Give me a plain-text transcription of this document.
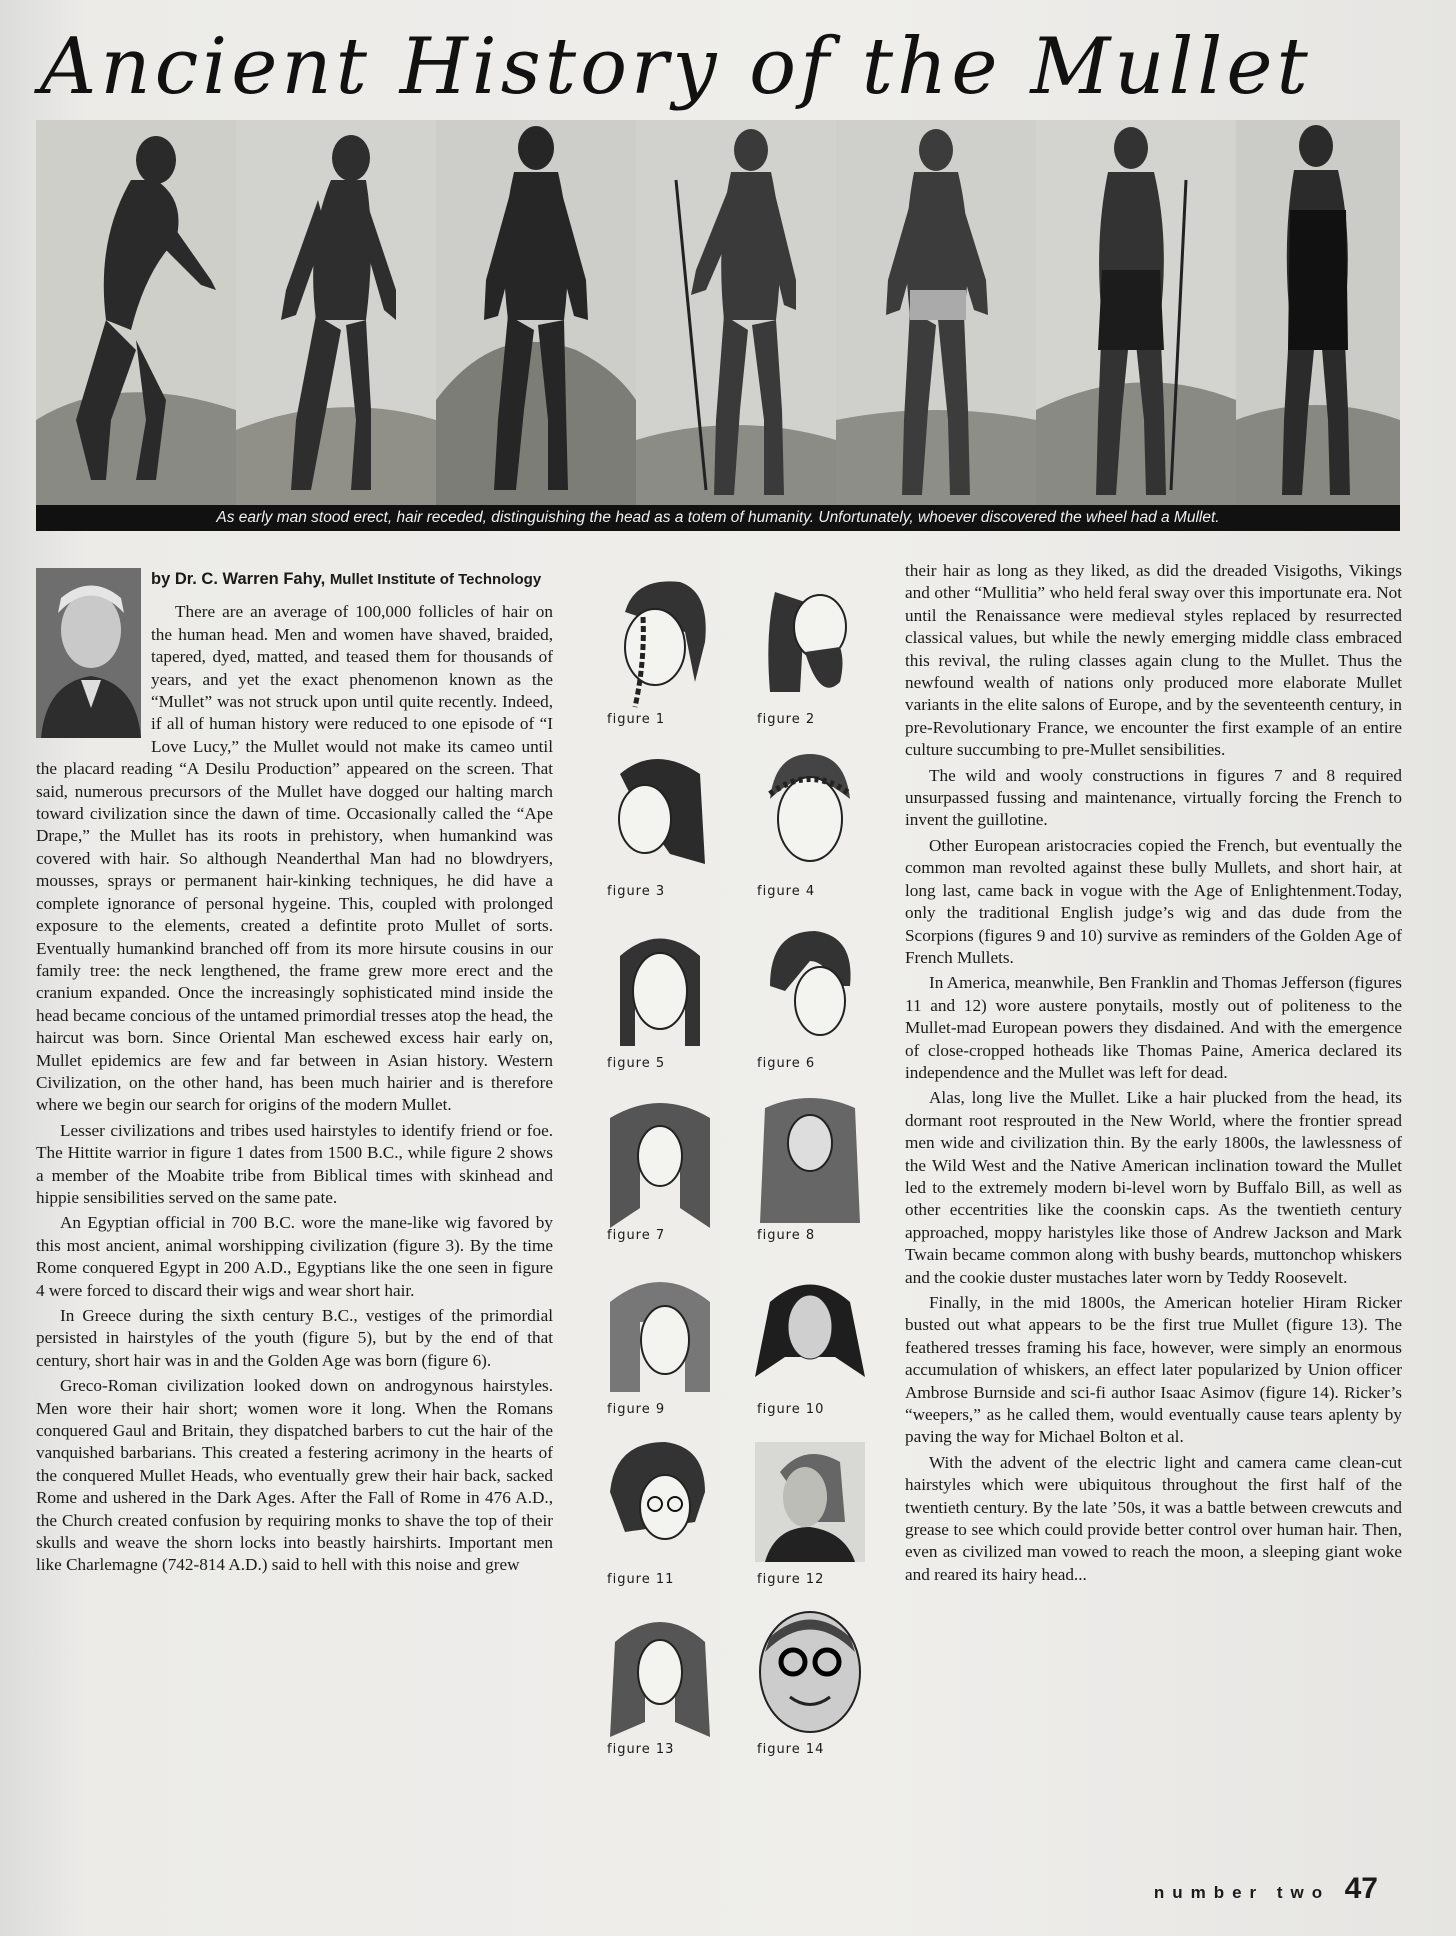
Ancient History of the Mullet
As early man stood erect, hair receded, distinguishing the head as a totem of humanity. Unfortunately, whoever discovered the wheel had a Mullet.
by Dr. C. Warren Fahy, Mullet Institute of Technology

There are an average of 100,000 follicles of hair on the human head. Men and women have shaved, braided, tapered, dyed, matted, and teased them for thousands of years, and yet the exact phenomenon known as the “Mullet” was not struck upon until quite recently. Indeed, if all of human history were reduced to one episode of “I Love Lucy,” the Mullet would not make its cameo until the placard reading “A Desilu Production” appeared on the screen. That said, numerous precursors of the Mullet have dogged our halting march toward civilization since the dawn of time. Occasionally called the “Ape Drape,” the Mullet has its roots in prehistory, when humankind was covered with hair. So although Neanderthal Man had no blowdryers, mousses, sprays or permanent hair-kinking techniques, he did have a complete ignorance of personal hygeine. This, coupled with prolonged exposure to the elements, created a defintite proto Mullet of sorts. Eventually humankind branched off from its more hirsute cousins in our family tree: the neck lengthened, the frame grew more erect and the cranium expanded. Once the increasingly sophisticated mind inside the head became concious of the untamed primordial tresses atop the head, the haircut was born. Since Oriental Man eschewed excess hair early on, Mullet epidemics are few and far between in Asian history. Western Civilization, on the other hand, has been much hairier and is therefore where we begin our search for origins of the modern Mullet.

Lesser civilizations and tribes used hairstyles to identify friend or foe. The Hittite warrior in figure 1 dates from 1500 B.C., while figure 2 shows a member of the Moabite tribe from Biblical times with skinhead and hippie sensibilities served on the same pate.

An Egyptian official in 700 B.C. wore the mane-like wig favored by this most ancient, animal worshipping civilization (figure 3). By the time Rome conquered Egypt in 200 A.D., Egyptians like the one seen in figure 4 were forced to discard their wigs and wear short hair.

In Greece during the sixth century B.C., vestiges of the primordial persisted in hairstyles of the youth (figure 5), but by the end of that century, short hair was in and the Golden Age was born (figure 6).

Greco-Roman civilization looked down on androgynous hairstyles. Men wore their hair short; women wore it long. When the Romans conquered Gaul and Britain, they dispatched barbers to cut the hair of the vanquished barbarians. This created a festering acrimony in the hearts of the conquered Mullet Heads, who eventually grew their hair back, sacked Rome and ushered in the Dark Ages. After the Fall of Rome in 476 A.D., the Church created confusion by requiring monks to shave the top of their skulls and weave the shorn locks into beastly hairshirts. Important men like Charlemagne (742-814 A.D.) said to hell with this noise and grew

figure 1	figure 2
figure 3	figure 4
figure 5	figure 6
figure 7	figure 8
figure 9	figure 10
figure 11	figure 12
figure 13	figure 14

their hair as long as they liked, as did the dreaded Visigoths, Vikings and other “Mullitia” who held feral sway over this importunate era. Not until the Renaissance were medieval styles replaced by resurrected classical values, but while the newly emerging middle class embraced this revival, the ruling classes again clung to the Mullet. Thus the newfound wealth of nations only produced more elaborate Mullet variants in the elite salons of Europe, and by the seventeenth century, in pre-Revolutionary France, we encounter the first example of an entire culture succumbing to pre-Mullet sensibilities.

The wild and wooly constructions in figures 7 and 8 required unsurpassed fussing and maintenance, virtually forcing the French to invent the guillotine.

Other European aristocracies copied the French, but eventually the common man revolted against these bully Mullets, and short hair, at long last, came back in vogue with the Age of Enlightenment.Today, only the traditional English judge’s wig and das dude from the Scorpions (figures 9 and 10) survive as reminders of the Golden Age of French Mullets.

In America, meanwhile, Ben Franklin and Thomas Jefferson (figures 11 and 12) wore austere ponytails, mostly out of politeness to the Mullet-mad European powers they disdained. And with the emergence of close-cropped hotheads like Thomas Paine, America declared its independence and the Mullet was left for dead.

Alas, long live the Mullet. Like a hair plucked from the head, its dormant root resprouted in the New World, where the frontier spread men wide and civilization thin. By the early 1800s, the lawlessness of the Wild West and the Native American inclination toward the Mullet led to the extremely modern bi-level worn by Buffalo Bill, as well as other eccentrities like the coonskin caps. As the twentieth century approached, moppy haristyles like those of Andrew Jackson and Mark Twain became common along with bushy beards, muttonchop whiskers and the cookie duster mustaches later worn by Teddy Roosevelt.

Finally, in the mid 1800s, the American hotelier Hiram Ricker busted out what appears to be the first true Mullet (figure 13). The feathered tresses framing his face, however, were simply an enormous accumulation of whiskers, an effect later popularized by Union officer Ambrose Burnside and sci-fi author Isaac Asimov (figure 14). Ricker’s “weepers,” as he called them, would eventually cause tears aplenty by paving the way for Michael Bolton et al.

With the advent of the electric light and camera came clean-cut hairstyles which were ubiquitous throughout the first half of the twentieth century. By the late ’50s, it was a battle between crewcuts and grease to see which could provide better control over human hair. Then, even as civilized man vowed to reach the moon, a sleeping giant woke and reared its hairy head...

number two 47
